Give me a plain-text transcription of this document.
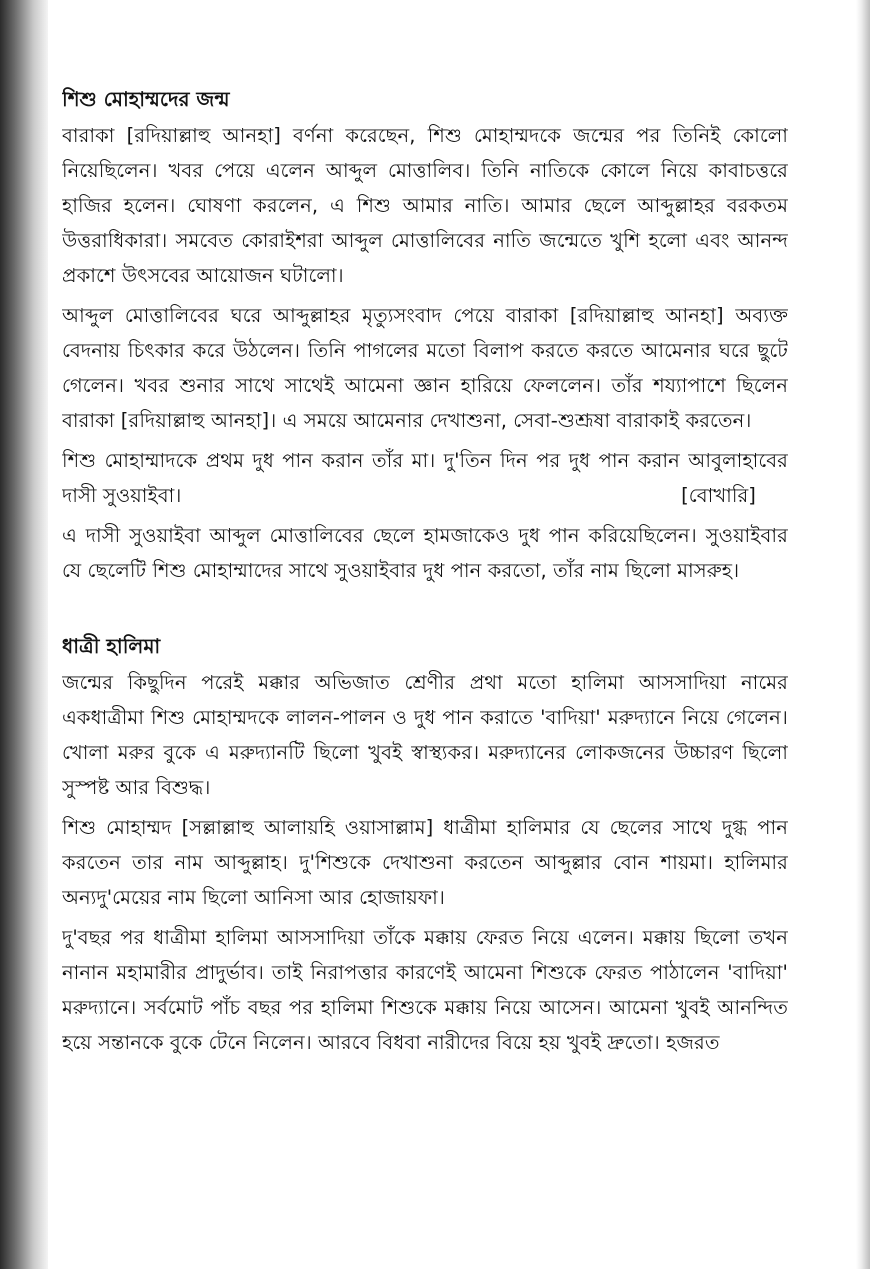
শিশু মোহাম্মদের জন্ম

বারাকা [রদিয়াল্লাহু আনহা] বর্ণনা করেছেন, শিশু মোহাম্মদকে জন্মের পর তিনিই কোলো নিয়েছিলেন। খবর পেয়ে এলেন আব্দুল মোত্তালিব। তিনি নাতিকে কোলে নিয়ে কাবাচত্তরে হাজির হলেন। ঘোষণা করলেন, এ শিশু আমার নাতি। আমার ছেলে আব্দুল্লাহর বরকতম উত্তরাধিকারা। সমবেত কোরাইশরা আব্দুল মোত্তালিবের নাতি জন্মেতে খুশি হলো এবং আনন্দ প্রকাশে উৎসবের আয়োজন ঘটালো।

আব্দুল মোত্তালিবের ঘরে আব্দুল্লাহর মৃত্যুসংবাদ পেয়ে বারাকা [রদিয়াল্লাহু আনহা] অব্যক্ত বেদনায় চিৎকার করে উঠলেন। তিনি পাগলের মতো বিলাপ করতে করতে আমেনার ঘরে ছুটে গেলেন। খবর শুনার সাথে সাথেই আমেনা জ্ঞান হারিয়ে ফেললেন। তাঁর শয্যাপাশে ছিলেন বারাকা [রদিয়াল্লাহু আনহা]। এ সময়ে আমেনার দেখাশুনা, সেবা-শুশ্রূষা বারাকাই করতেন।

শিশু মোহাম্মাদকে প্রথম দুধ পান করান তাঁর মা। দু'তিন দিন পর দুধ পান করান আবুলাহাবের দাসী সুওয়াইবা।	[বোখারি]

এ দাসী সুওয়াইবা আব্দুল মোত্তালিবের ছেলে হামজাকেও দুধ পান করিয়েছিলেন। সুওয়াইবার যে ছেলেটি শিশু মোহাম্মাদের সাথে সুওয়াইবার দুধ পান করতো, তাঁর নাম ছিলো মাসরুহ।

ধাত্রী হালিমা

জন্মের কিছুদিন পরেই মক্কার অভিজাত শ্রেণীর প্রথা মতো হালিমা আসসাদিয়া নামের একধাত্রীমা শিশু মোহাম্মদকে লালন-পালন ও দুধ পান করাতে 'বাদিয়া' মরুদ্যানে নিয়ে গেলেন। খোলা মরুর বুকে এ মরুদ্যানটি ছিলো খুবই স্বাস্থ্যকর। মরুদ্যানের লোকজনের উচ্চারণ ছিলো সুস্পষ্ট আর বিশুদ্ধ।

শিশু মোহাম্মদ [সল্লাল্লাহু আলায়হি ওয়াসাল্লাম] ধাত্রীমা হালিমার যে ছেলের সাথে দুগ্ধ পান করতেন তার নাম আব্দুল্লাহ। দু'শিশুকে দেখাশুনা করতেন আব্দুল্লার বোন শায়মা। হালিমার অন্যদু'মেয়ের নাম ছিলো আনিসা আর হোজায়ফা।

দু'বছর পর ধাত্রীমা হালিমা আসসাদিয়া তাঁকে মক্কায় ফেরত নিয়ে এলেন। মক্কায় ছিলো তখন নানান মহামারীর প্রাদুর্ভাব। তাই নিরাপত্তার কারণেই আমেনা শিশুকে ফেরত পাঠালেন 'বাদিয়া' মরুদ্যানে। সর্বমোট পাঁচ বছর পর হালিমা শিশুকে মক্কায় নিয়ে আসেন। আমেনা খুবই আনন্দিত হয়ে সন্তানকে বুকে টেনে নিলেন। আরবে বিধবা নারীদের বিয়ে হয় খুবই দ্রুতো। হজরত
